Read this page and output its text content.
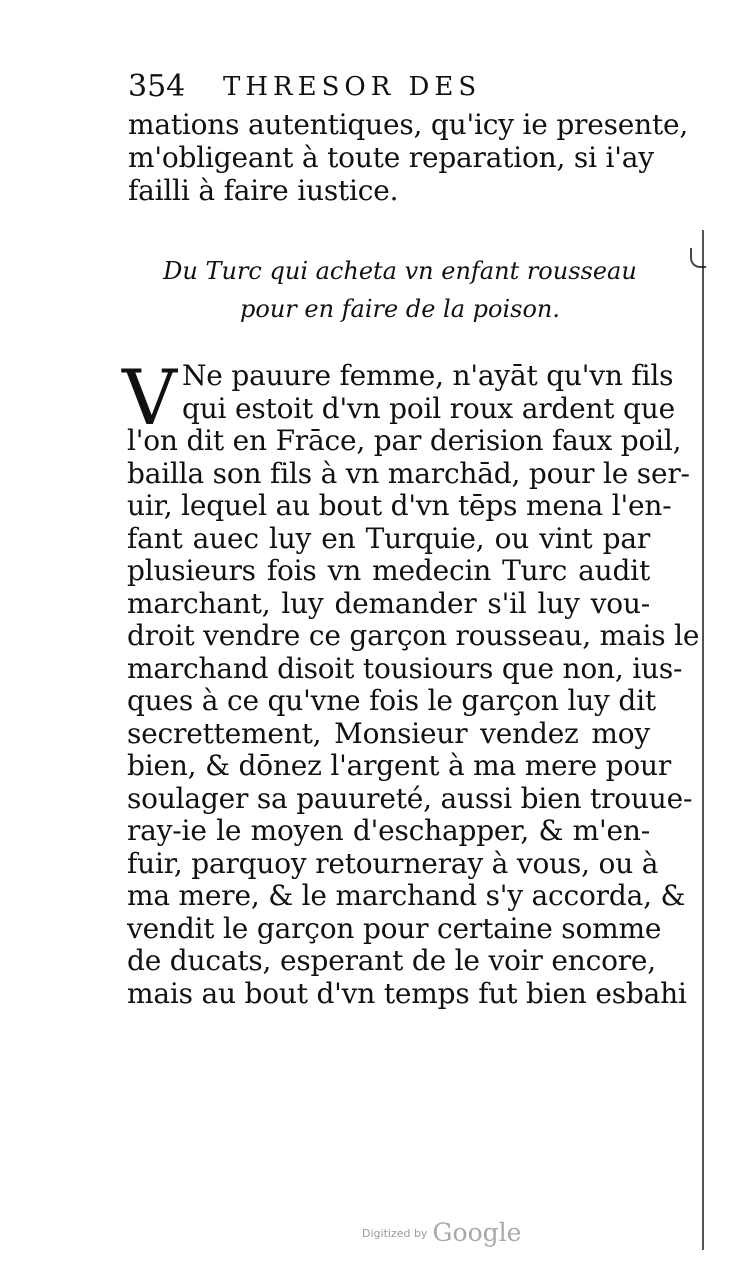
354 THRESOR DES
mations autentiques, qu'icy ie presente,
m'obligeant à toute reparation, si i'ay
failli à faire iustice.
Du Turc qui acheta vn enfant rousseau
pour en faire de la poison.
V Ne pauure femme, n'ayāt qu'vn fils
qui estoit d'vn poil roux ardent que
l'on dit en Frāce, par derision faux poil,
bailla son fils à vn marchād, pour le ser-
uir, lequel au bout d'vn tēps mena l'en-
fant auec luy en Turquie, ou vint par
plusieurs fois vn medecin Turc audit
marchant, luy demander s'il luy vou-
droit vendre ce garçon rousseau, mais le
marchand disoit tousiours que non, ius-
ques à ce qu'vne fois le garçon luy dit
secrettement, Monsieur vendez moy
bien, & dōnez l'argent à ma mere pour
soulager sa pauureté, aussi bien trouue-
ray-ie le moyen d'eschapper, & m'en-
fuir, parquoy retourneray à vous, ou à
ma mere, & le marchand s'y accorda, &
vendit le garçon pour certaine somme
de ducats, esperant de le voir encore,
mais au bout d'vn temps fut bien esbahi
$^{Digitized by}$ Google
